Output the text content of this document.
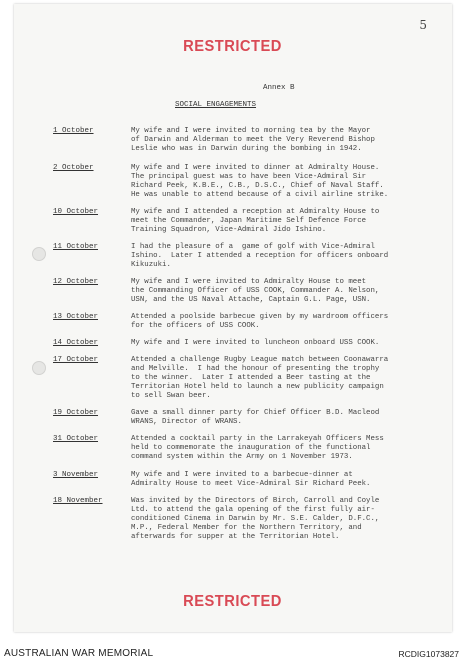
5
RESTRICTED
Annex B
SOCIAL ENGAGEMENTS
1 October	My wife and I were invited to morning tea by the Mayor
of Darwin and Alderman to meet the Very Reverend Bishop
Leslie who was in Darwin during the bombing in 1942.
2 October	My wife and I were invited to dinner at Admiralty House.
The principal guest was to have been Vice-Admiral Sir
Richard Peek, K.B.E., C.B., D.S.C., Chief of Naval Staff.
He was unable to attend because of a civil airline strike.
10 October	My wife and I attended a reception at Admiralty House to
meet the Commander, Japan Maritime Self Defence Force
Training Squadron, Vice-Admiral Jido Ishino.
11 October	I had the pleasure of a  game of golf with Vice-Admiral
Ishino.  Later I attended a reception for officers onboard
Kikuzuki.
12 October	My wife and I were invited to Admiralty House to meet
the Commanding Officer of USS COOK, Commander A. Nelson,
USN, and the US Naval Attache, Captain G.L. Page, USN.
13 October	Attended a poolside barbecue given by my wardroom officers
for the officers of USS COOK.
14 October	My wife and I were invited to luncheon onboard USS COOK.
17 October	Attended a challenge Rugby League match between Coonawarra
and Melville.  I had the honour of presenting the trophy
to the winner.  Later I attended a Beer tasting at the
Territorian Hotel held to launch a new publicity campaign
to sell Swan beer.
19 October	Gave a small dinner party for Chief Officer B.D. Macleod
WRANS, Director of WRANS.
31 October	Attended a cocktail party in the Larrakeyah Officers Mess
held to commemorate the inauguration of the functional
command system within the Army on 1 November 1973.
3 November	My wife and I were invited to a barbecue-dinner at
Admiralty House to meet Vice-Admiral Sir Richard Peek.
18 November	Was invited by the Directors of Birch, Carroll and Coyle
Ltd. to attend the gala opening of the first fully air-
conditioned Cinema in Darwin by Mr. S.E. Calder, D.F.C.,
M.P., Federal Member for the Northern Territory, and
afterwards for supper at the Territorian Hotel.
RESTRICTED
AUSTRALIAN WAR MEMORIAL	RCDIG1073827
